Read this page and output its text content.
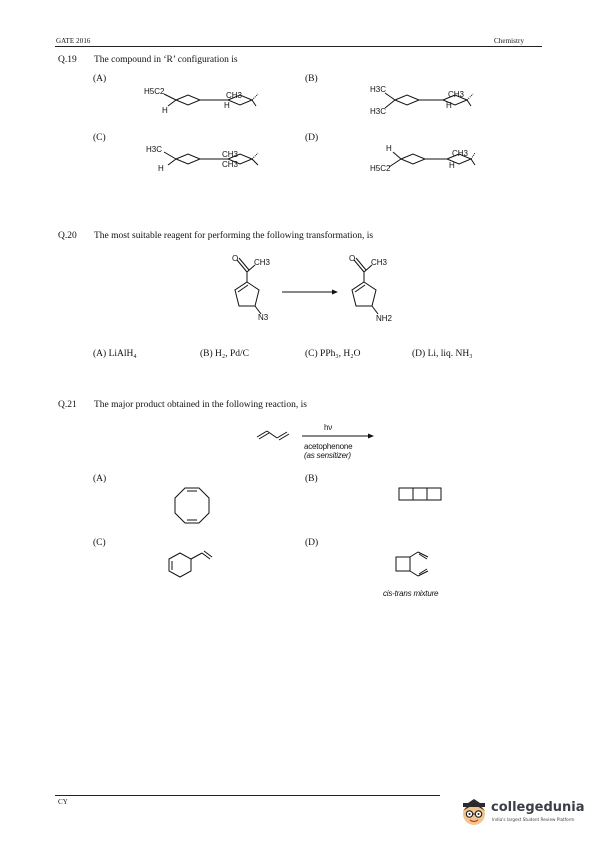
GATE 2016	Chemistry
Q.19 The compound in ‘R’ configuration is
(A)	(B)
(C)	(D)
H5C2
H
CH3
H
H3C
H3C
CH3
H
H3C
H
CH3
CH3
H
H5C2
CH3
H
Q.20 The most suitable reagent for performing the following transformation, is
O CH3
N3
O CH3
NH2
(A) LiAlH₄	(B) H₂, Pd/C	(C) PPh₃, H₂O	(D) Li, liq. NH₃
Q.21 The major product obtained in the following reaction, is
hν
acetophenone
(as sensitizer)
(A)	(B)
(C)	(D)
cis-trans mixture
CY	collegedunia
India's largest Student Review Platform
